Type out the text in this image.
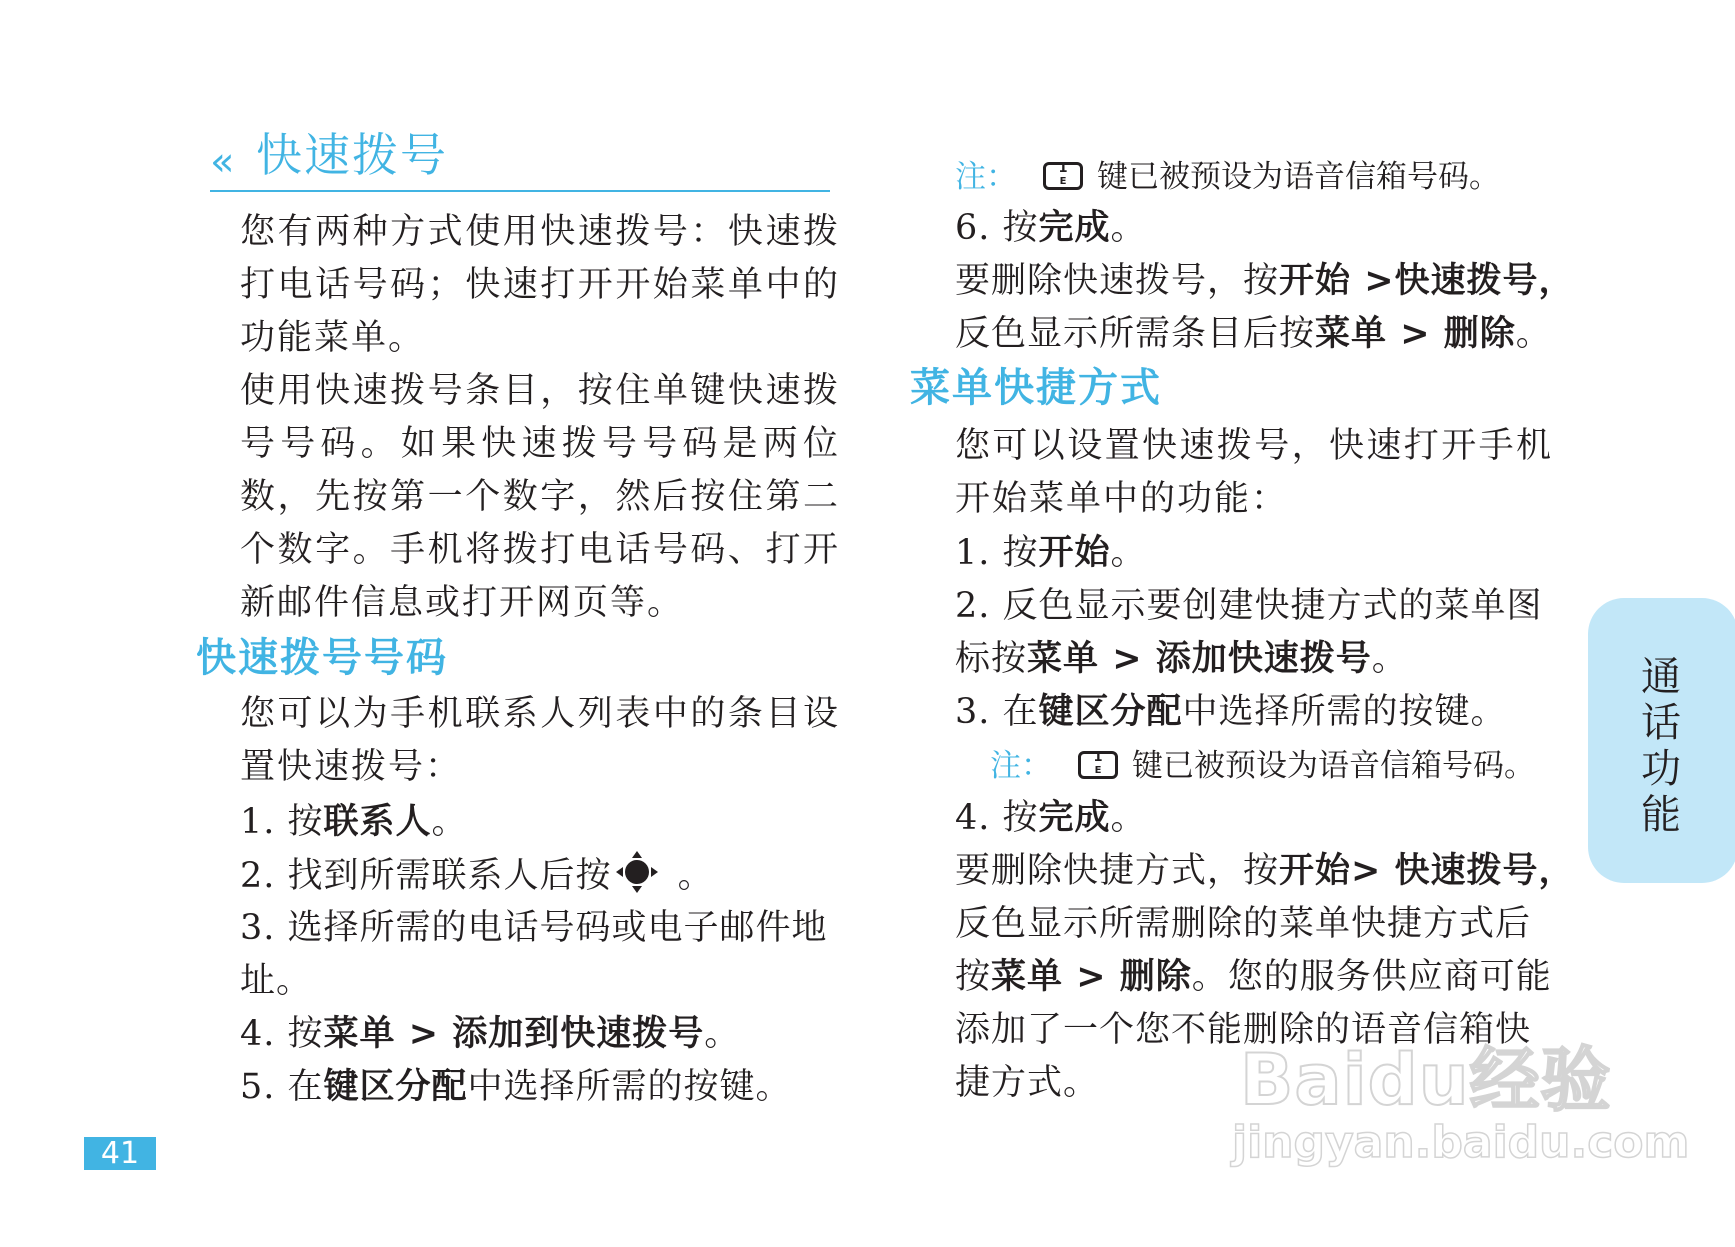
« 快速拨号

您有两种方式使用快速拨号：快速拨打电话号码；快速打开开始菜单中的功能菜单。

使用快速拨号条目，按住单键快速拨号号码。如果快速拨号号码是两位数，先按第一个数字，然后按住第二个数字。手机将拨打电话号码、打开新邮件信息或打开网页等。

快速拨号号码

您可以为手机联系人列表中的条目设置快速拨号：

1. 按联系人。

2. 找到所需联系人后按 。

3. 选择所需的电话号码或电子邮件地

址。

4. 按菜单 > 添加到快速拨号。

5. 在键区分配中选择所需的按键。

41

注：	1
E 键已被预设为语音信箱号码。

6. 按完成。

要删除快速拨号，按开始 >快速拨号，

反色显示所需条目后按菜单 > 删除。

菜单快捷方式

您可以设置快速拨号，快速打开手机开始菜单中的功能：

1. 按开始。

2. 反色显示要创建快捷方式的菜单图

标按菜单 > 添加快速拨号。

3. 在键区分配中选择所需的按键。

注：	1
E 键已被预设为语音信箱号码。

4. 按完成。

要删除快捷方式，按开始> 快速拨号，

反色显示所需删除的菜单快捷方式后

按菜单 > 删除。您的服务供应商可能

添加了一个您不能删除的语音信箱快

捷方式。

通话功能
Baidu经验
jingyan.baidu.com
